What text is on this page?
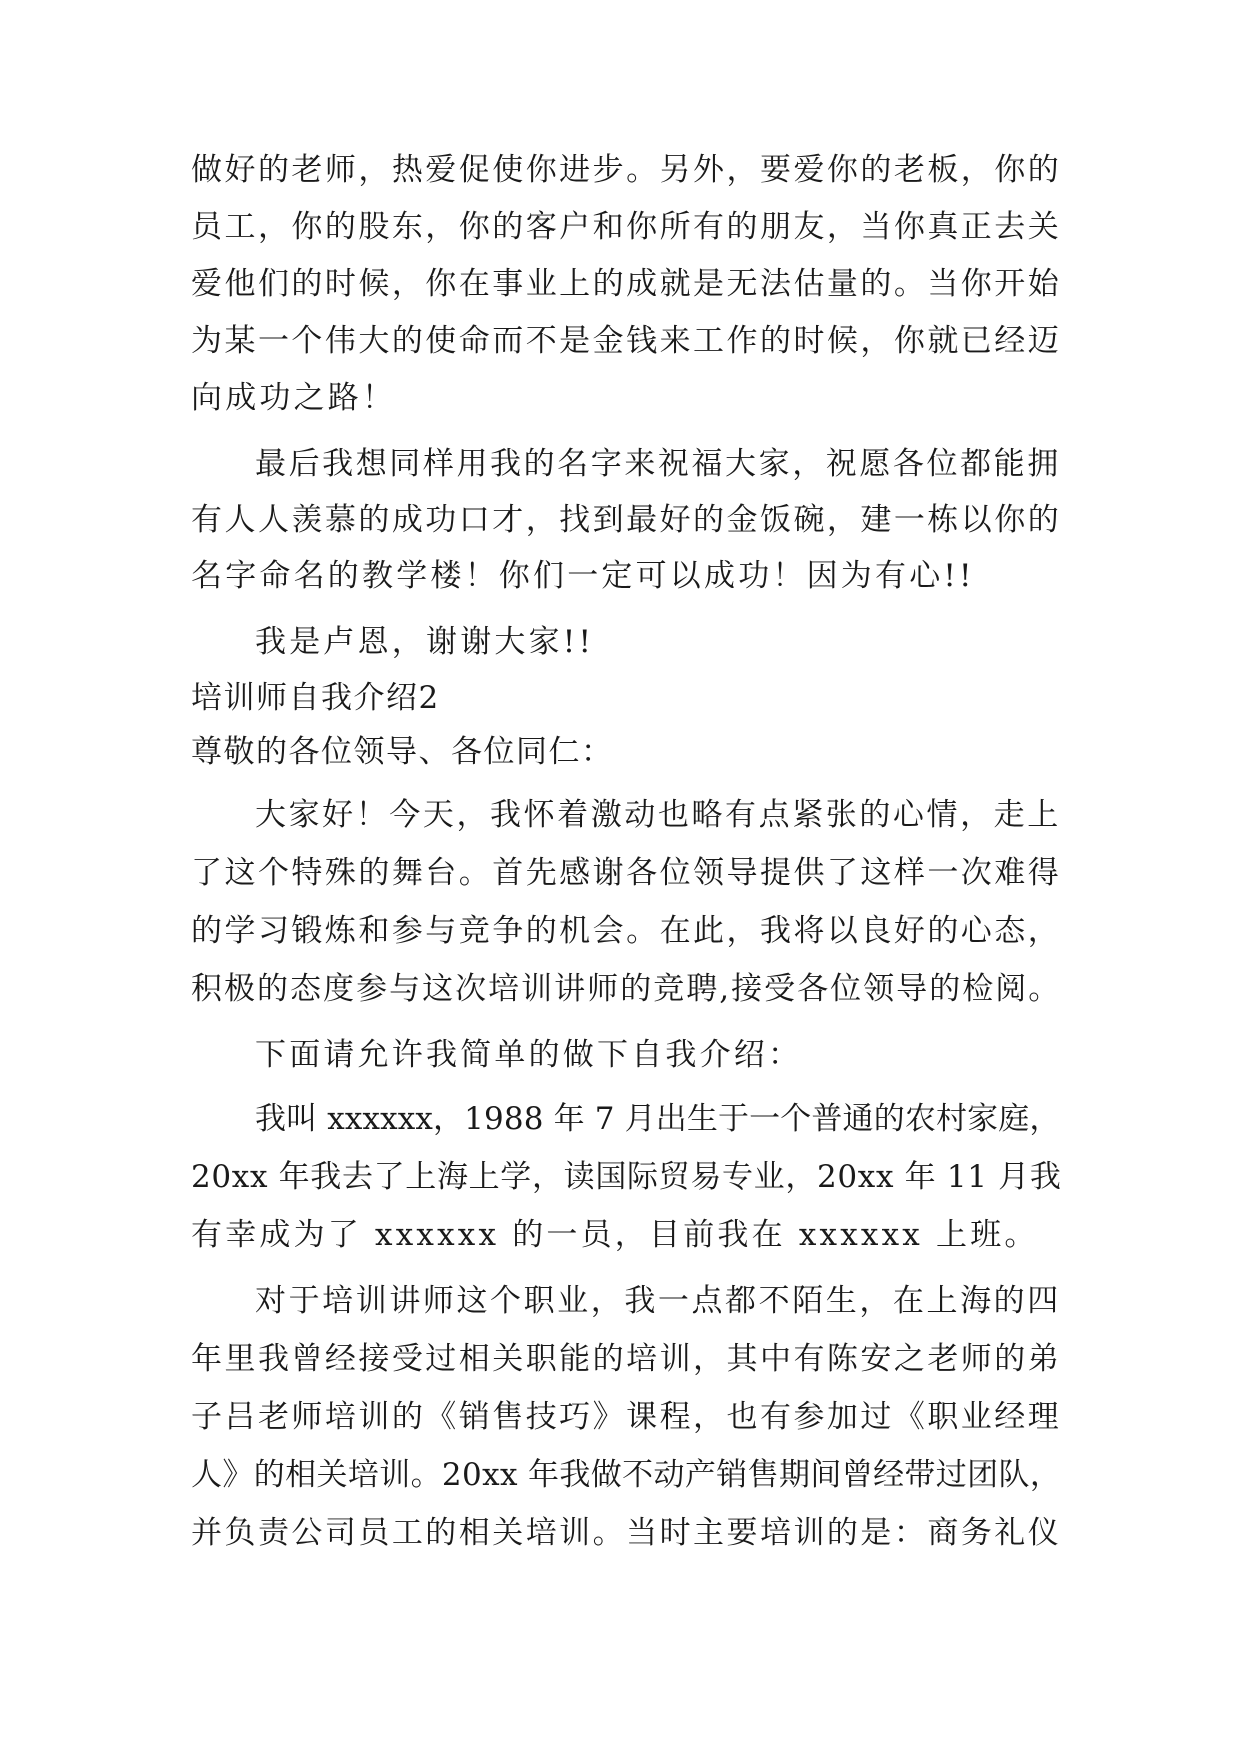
做好的老师，热爱促使你进步。另外，要爱你的老板，你的
员工，你的股东，你的客户和你所有的朋友，当你真正去关
爱他们的时候，你在事业上的成就是无法估量的。当你开始
为某一个伟大的使命而不是金钱来工作的时候，你就已经迈
向成功之路！
最后我想同样用我的名字来祝福大家，祝愿各位都能拥
有人人羡慕的成功口才，找到最好的金饭碗，建一栋以你的
名字命名的教学楼！你们一定可以成功！因为有心!!
我是卢恩，谢谢大家!!
培训师自我介绍2
尊敬的各位领导、各位同仁：
大家好！今天，我怀着激动也略有点紧张的心情，走上
了这个特殊的舞台。首先感谢各位领导提供了这样一次难得
的学习锻炼和参与竞争的机会。在此，我将以良好的心态，
积极的态度参与这次培训讲师的竞聘,接受各位领导的检阅。
下面请允许我简单的做下自我介绍：
我叫 xxxxxx，1988 年 7 月出生于一个普通的农村家庭，
20xx 年我去了上海上学，读国际贸易专业，20xx 年 11 月我
有幸成为了 xxxxxx 的一员，目前我在 xxxxxx 上班。
对于培训讲师这个职业，我一点都不陌生，在上海的四
年里我曾经接受过相关职能的培训，其中有陈安之老师的弟
子吕老师培训的《销售技巧》课程，也有参加过《职业经理
人》的相关培训。20xx 年我做不动产销售期间曾经带过团队，
并负责公司员工的相关培训。当时主要培训的是：商务礼仪
